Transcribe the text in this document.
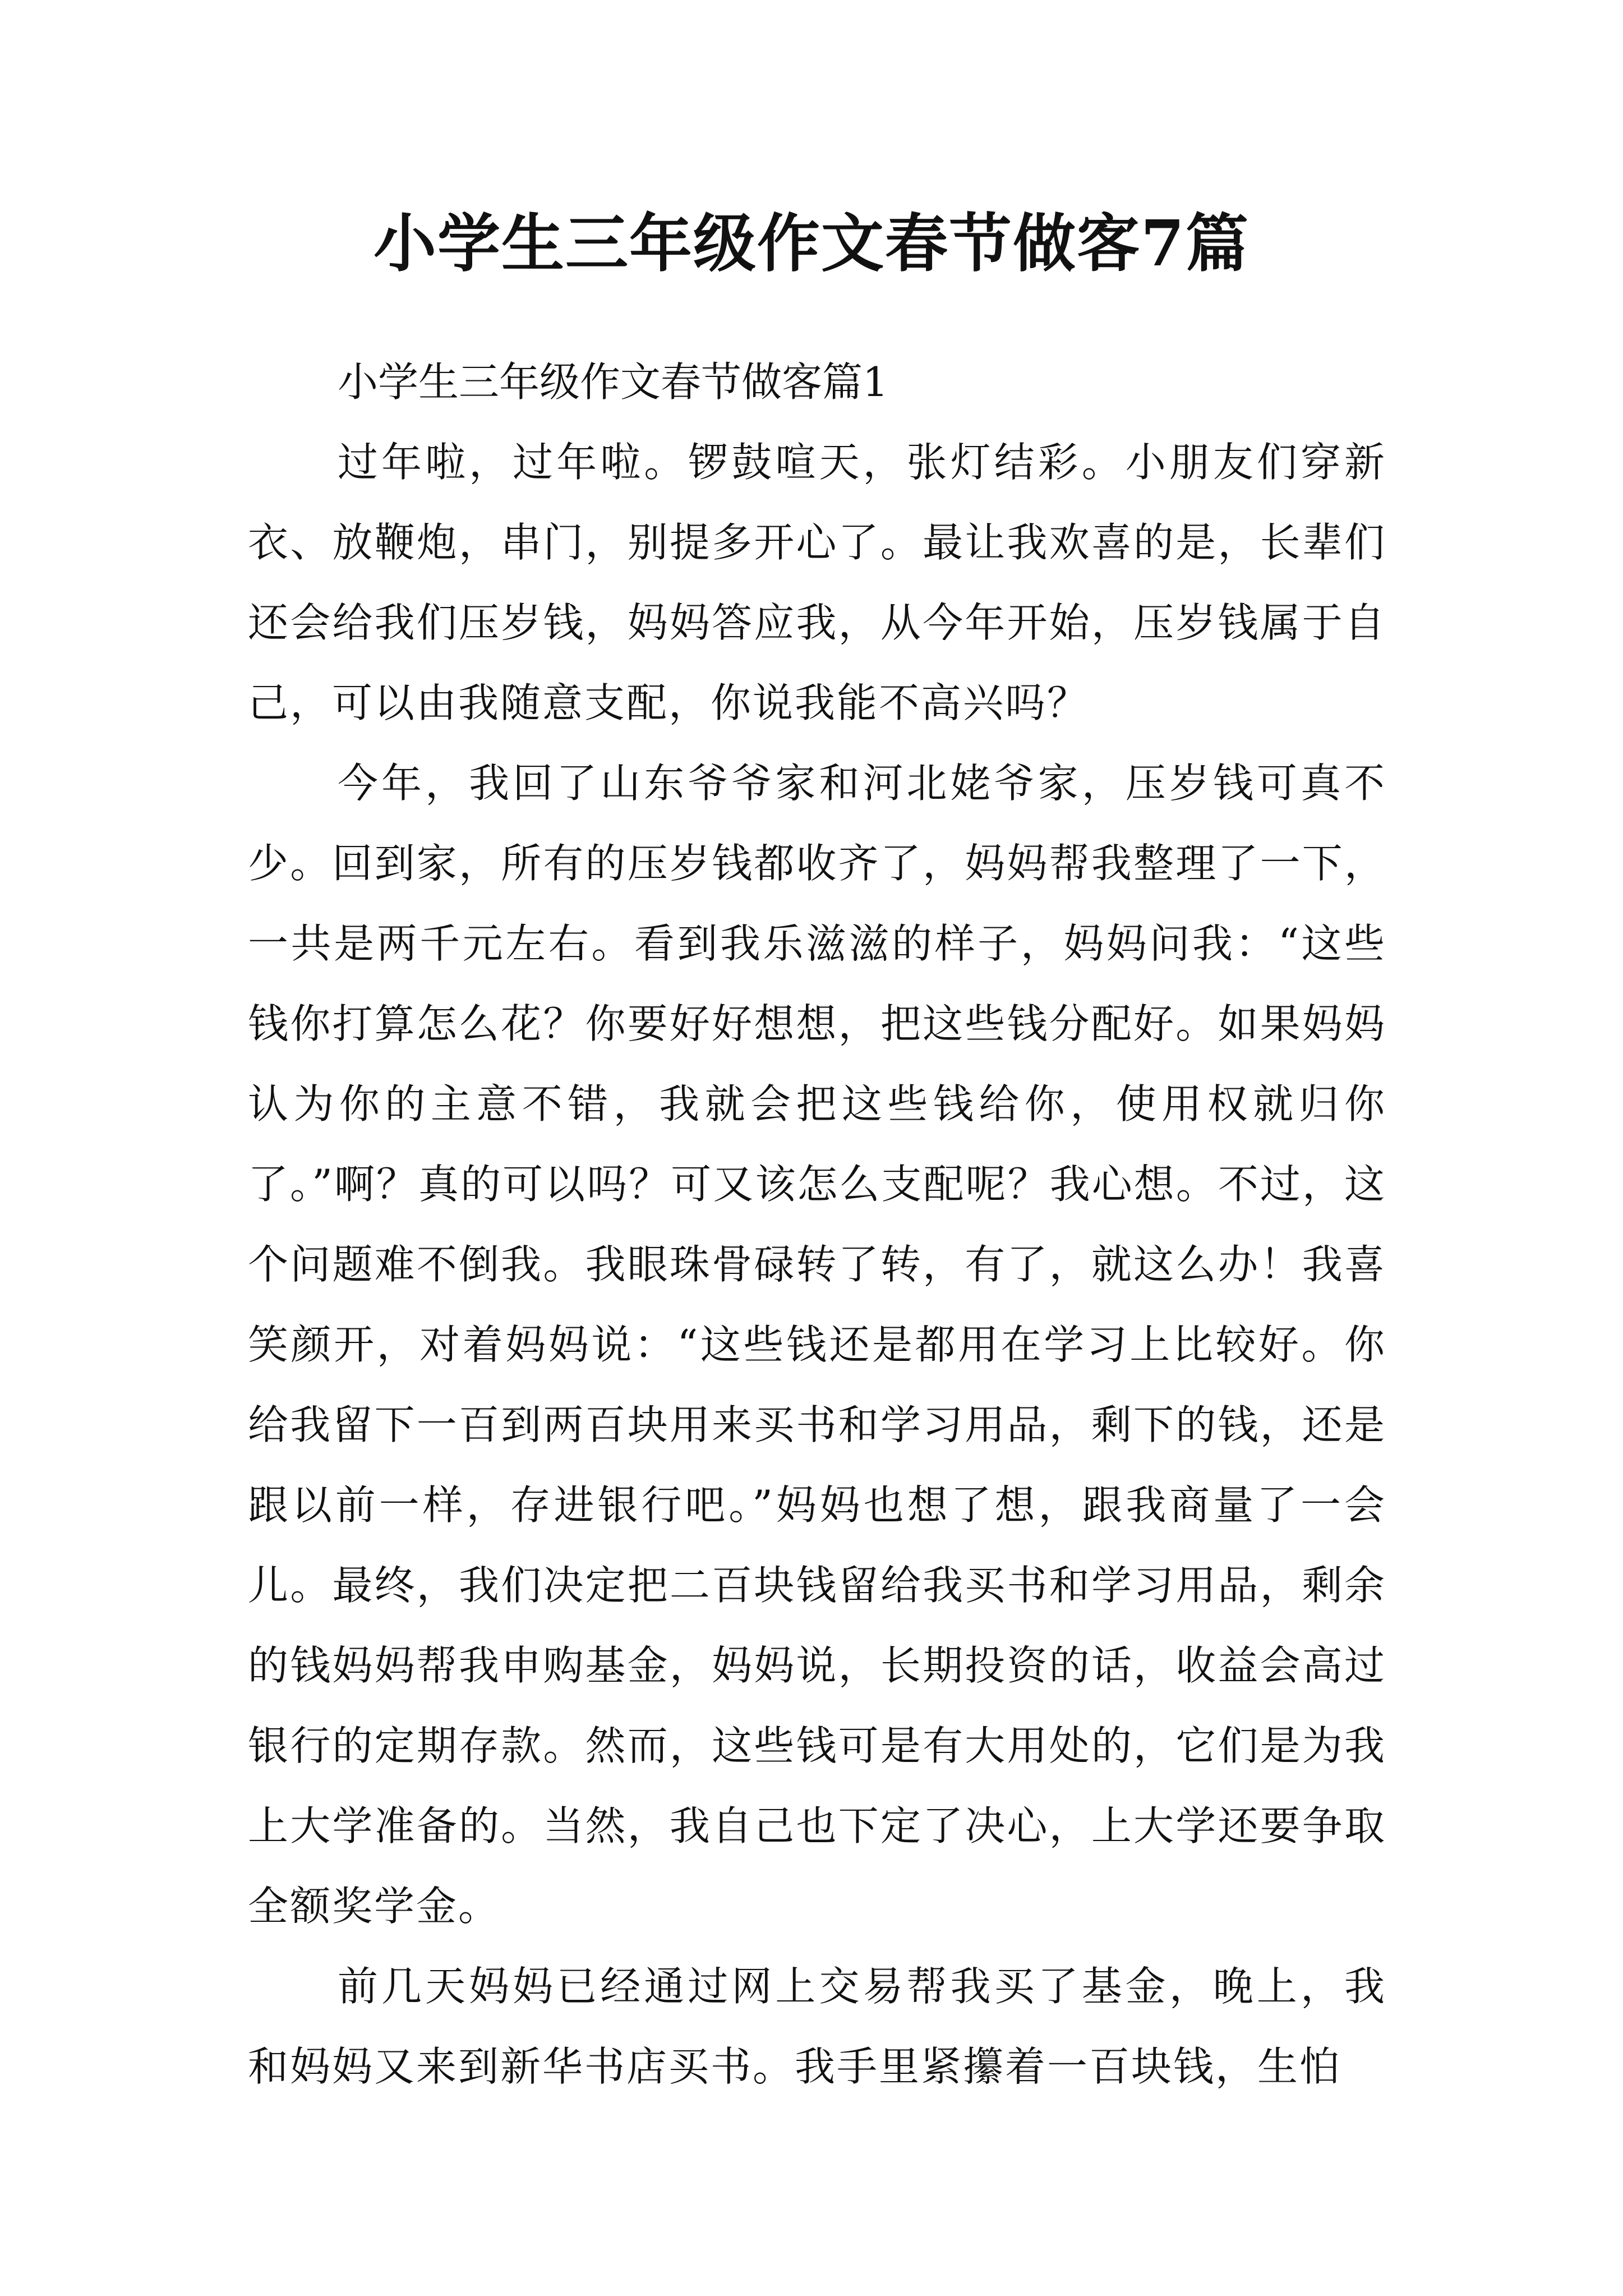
小学生三年级作文春节做客7篇

小学生三年级作文春节做客篇1

过年啦，过年啦。锣鼓喧天，张灯结彩。小朋友们穿新衣、放鞭炮，串门，别提多开心了。最让我欢喜的是，长辈们还会给我们压岁钱，妈妈答应我，从今年开始，压岁钱属于自己，可以由我随意支配，你说我能不高兴吗？

今年，我回了山东爷爷家和河北姥爷家，压岁钱可真不少。回到家，所有的压岁钱都收齐了，妈妈帮我整理了一下，一共是两千元左右。看到我乐滋滋的样子，妈妈问我：“这些钱你打算怎么花？你要好好想想，把这些钱分配好。如果妈妈认为你的主意不错，我就会把这些钱给你，使用权就归你了。”啊？真的可以吗？可又该怎么支配呢？我心想。不过，这个问题难不倒我。我眼珠骨碌转了转，有了，就这么办！我喜笑颜开，对着妈妈说：“这些钱还是都用在学习上比较好。你给我留下一百到两百块用来买书和学习用品，剩下的钱，还是跟以前一样，存进银行吧。”妈妈也想了想，跟我商量了一会儿。最终，我们决定把二百块钱留给我买书和学习用品，剩余的钱妈妈帮我申购基金，妈妈说，长期投资的话，收益会高过银行的定期存款。然而，这些钱可是有大用处的，它们是为我上大学准备的。当然，我自己也下定了决心，上大学还要争取全额奖学金。

前几天妈妈已经通过网上交易帮我买了基金，晚上，我和妈妈又来到新华书店买书。我手里紧攥着一百块钱，生怕
